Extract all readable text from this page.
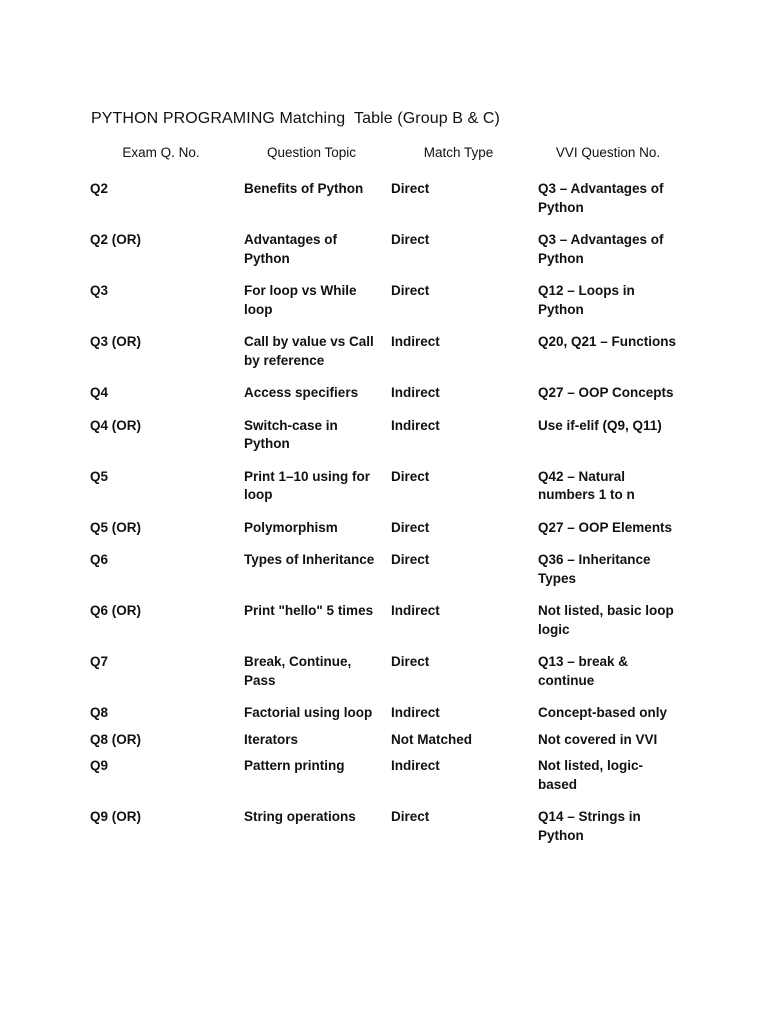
PYTHON PROGRAMING Matching  Table (Group B & C)
Exam Q. No.	Question Topic	Match Type	VVI Question No.
Q2	Benefits of Python	Direct	Q3 – Advantages of Python
Q2 (OR)	Advantages of Python	Direct	Q3 – Advantages of Python
Q3	For loop vs While loop	Direct	Q12 – Loops in Python
Q3 (OR)	Call by value vs Call by reference	Indirect	Q20, Q21 – Functions
Q4	Access specifiers	Indirect	Q27 – OOP Concepts
Q4 (OR)	Switch-case in Python	Indirect	Use if-elif (Q9, Q11)
Q5	Print 1–10 using for loop	Direct	Q42 – Natural numbers 1 to n
Q5 (OR)	Polymorphism	Direct	Q27 – OOP Elements
Q6	Types of Inheritance	Direct	Q36 – Inheritance Types
Q6 (OR)	Print "hello" 5 times	Indirect	Not listed, basic loop logic
Q7	Break, Continue, Pass	Direct	Q13 – break & continue
Q8	Factorial using loop	Indirect	Concept-based only
Q8 (OR)	Iterators	Not Matched	Not covered in VVI
Q9	Pattern printing	Indirect	Not listed, logic-based
Q9 (OR)	String operations	Direct	Q14 – Strings in Python
